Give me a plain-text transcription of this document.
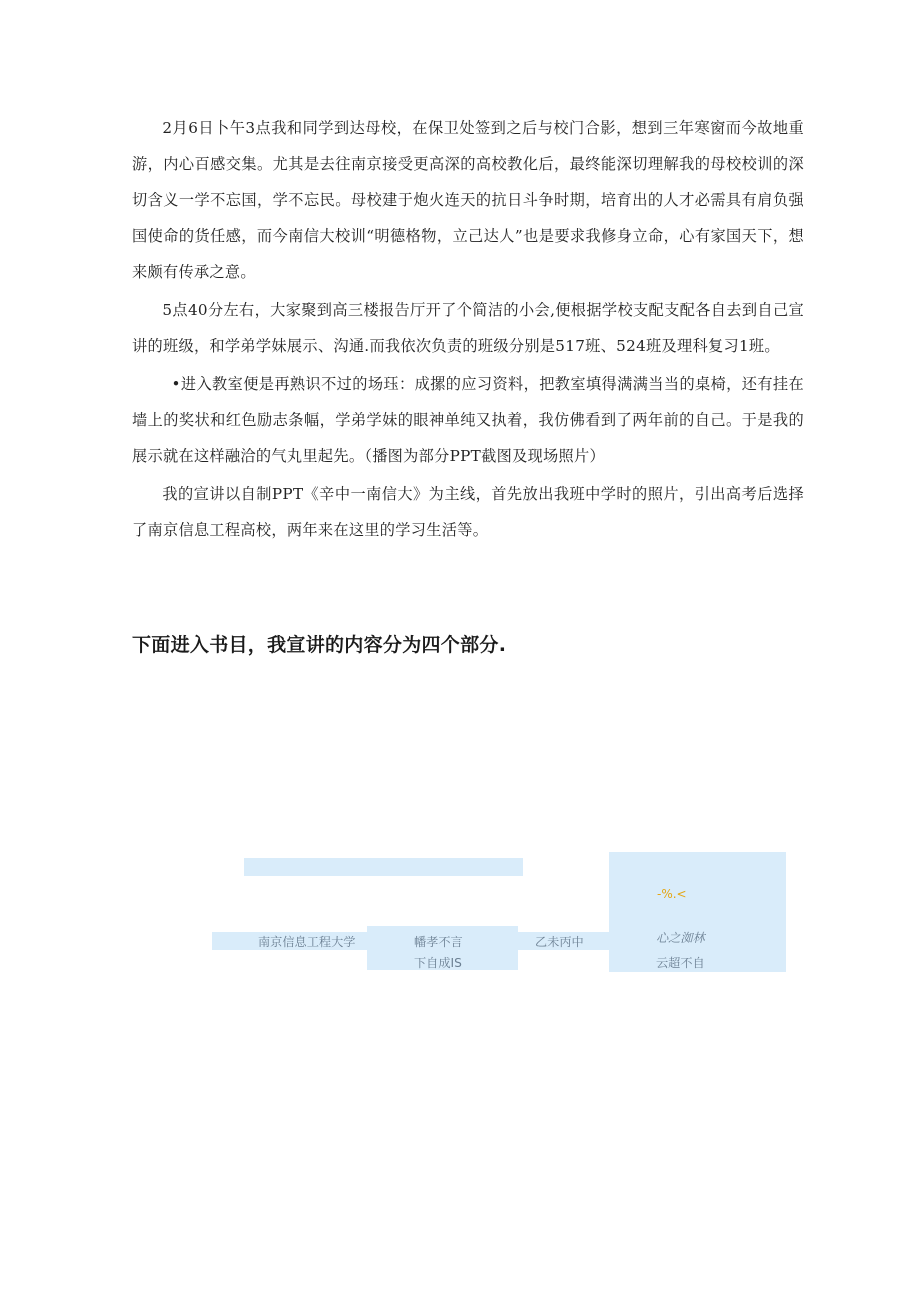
2月6日卜午3点我和同学到达母校，在保卫处签到之后与校门合影，想到三年寒窗而今故地重游，内心百感交集。尤其是去往南京接受更高深的高校教化后，最终能深切理解我的母校校训的深切含义一学不忘国，学不忘民。母校建于炮火连天的抗日斗争时期，培育出的人才必需具有肩负强国使命的货任感，而今南信大校训“明德格物，立己达人”也是要求我修身立命，心有家国天下，想来颇有传承之意。

5点40分左右，大家聚到高三楼报告厅开了个简洁的小会,便根据学校支配支配各自去到自己宣讲的班级，和学弟学妹展示、沟通.而我依次负责的班级分别是517班、524班及理科复习1班。

•进入教室便是再熟识不过的场珏：成摞的应习资料，把教室填得满满当当的桌椅，还有挂在墙上的奖状和红色励志条幅，学弟学妹的眼神单纯又执着，我仿佛看到了两年前的自己。于是我的展示就在这样融洽的气丸里起先。（播图为部分PPT截图及现场照片）

我的宣讲以自制PPT《辛中一南信大》为主线，首先放出我班中学时的照片，引出高考后选择了南京信息工程高校，两年来在这里的学习生活等。

下面进入书目，我宣讲的内容分为四个部分.
南京信息工程大学	幡孝不言
下自成IS
乙未丙中
-%.<
心之洳林
云超不自
